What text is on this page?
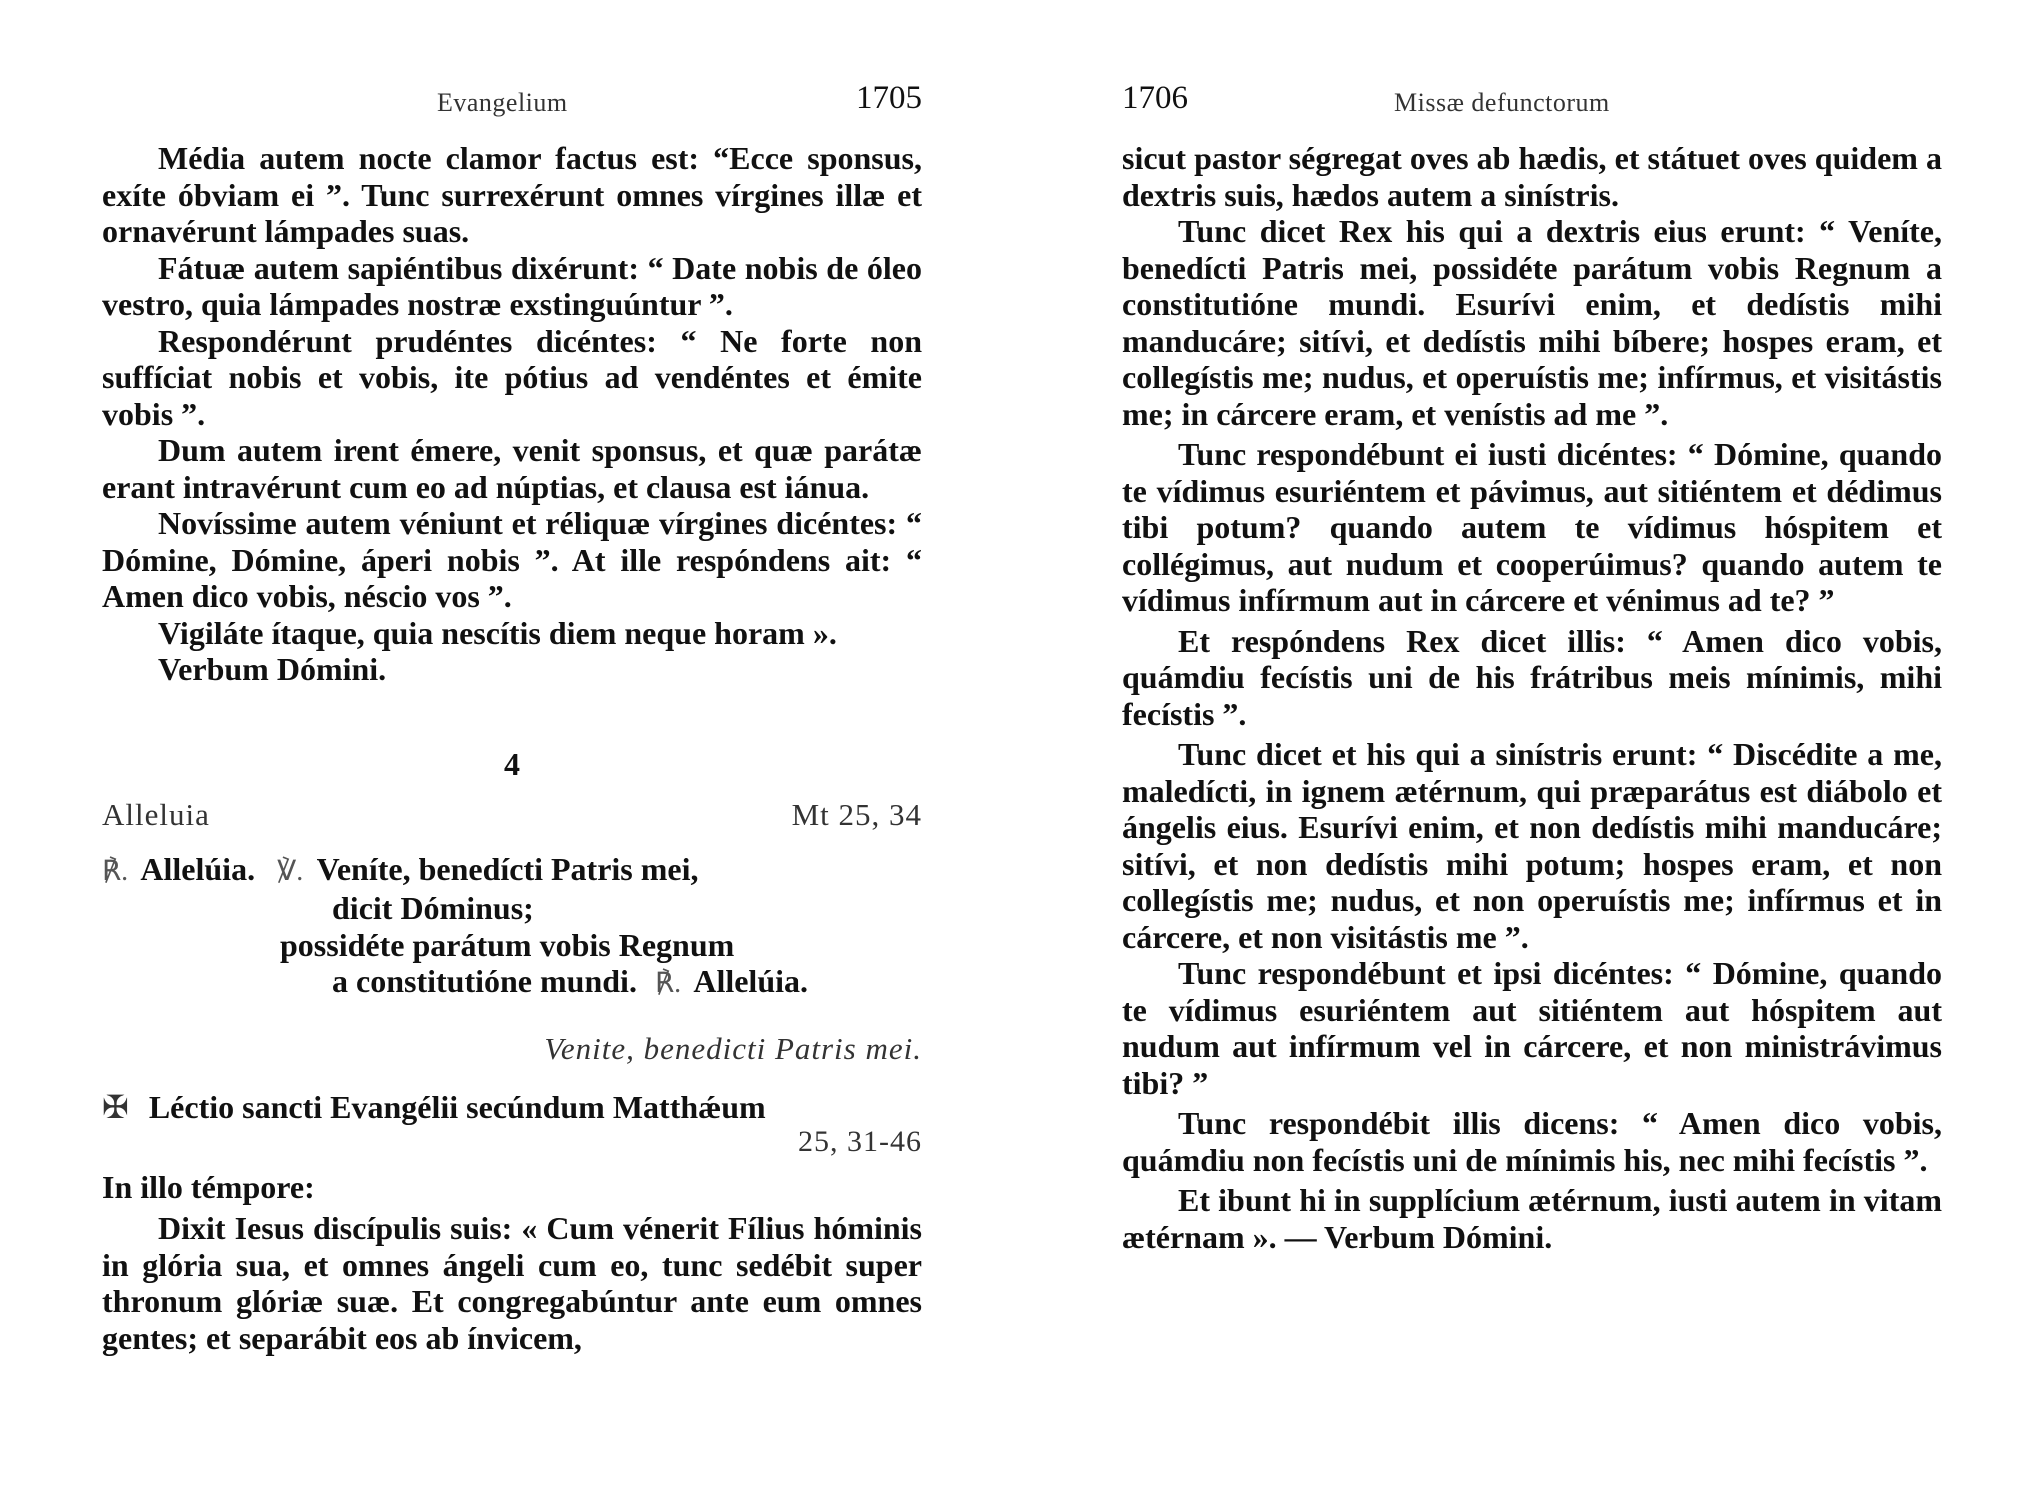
Evangelium	1705

Média autem nocte clamor factus est: “Ecce sponsus, exíte óbviam ei ”. Tunc surrexérunt omnes vírgines illæ et ornavérunt lámpades suas.

Fátuæ autem sapiéntibus dixérunt: “ Date nobis de óleo vestro, quia lámpades nostræ exstinguúntur ”.

Respondérunt prudéntes dicéntes: “ Ne forte non suffíciat nobis et vobis, ite pótius ad vendéntes et émite vobis ”.

Dum autem irent émere, venit sponsus, et quæ parátæ erant intravérunt cum eo ad núptias, et clausa est iánua.

Novíssime autem véniunt et réliquæ vírgines dicéntes: “ Dómine, Dómine, áperi nobis ”. At ille respóndens ait: “ Amen dico vobis, néscio vos ”.

Vigiláte ítaque, quia nescítis diem neque horam ».

Verbum Dómini.

4
Alleluia	Mt 25, 34
℟. Allelúia. ℣. Veníte, benedícti Patris mei,
dicit Dóminus;
possidéte parátum vobis Regnum
a constitutióne mundi. ℟. Allelúia.
Venite, benedicti Patris mei.
✠ Léctio sancti Evangélii secúndum Matthǽum
25, 31-46
In illo témpore:

Dixit Iesus discípulis suis: « Cum vénerit Fílius hóminis in glória sua, et omnes ángeli cum eo, tunc sedébit super thronum glóriæ suæ. Et congregabúntur ante eum omnes gentes; et separábit eos ab ínvicem,

1706	Missæ defunctorum

sicut pastor ségregat oves ab hædis, et státuet oves quidem a dextris suis, hædos autem a sinístris.

Tunc dicet Rex his qui a dextris eius erunt: “ Veníte, benedícti Patris mei, possidéte parátum vobis Regnum a constitutióne mundi. Esurívi enim, et dedístis mihi manducáre; sitívi, et dedístis mihi bíbere; hospes eram, et collegístis me; nudus, et operuístis me; infírmus, et visitástis me; in cárcere eram, et venístis ad me ”.

Tunc respondébunt ei iusti dicéntes: “ Dómine, quando te vídimus esuriéntem et pávimus, aut sitiéntem et dédimus tibi potum? quando autem te vídimus hóspitem et collégimus, aut nudum et cooperúimus? quando autem te vídimus infírmum aut in cárcere et vénimus ad te? ”

Et respóndens Rex dicet illis: “ Amen dico vobis, quámdiu fecístis uni de his frátribus meis mínimis, mihi fecístis ”.

Tunc dicet et his qui a sinístris erunt: “ Discédite a me, maledícti, in ignem ætérnum, qui præparátus est diábolo et ángelis eius. Esurívi enim, et non dedístis mihi manducáre; sitívi, et non dedístis mihi potum; hospes eram, et non collegístis me; nudus, et non operuístis me; infírmus et in cárcere, et non visitástis me ”.

Tunc respondébunt et ipsi dicéntes: “ Dómine, quando te vídimus esuriéntem aut sitiéntem aut hóspitem aut nudum aut infírmum vel in cárcere, et non ministrávimus tibi? ”

Tunc respondébit illis dicens: “ Amen dico vobis, quámdiu non fecístis uni de mínimis his, nec mihi fecístis ”.

Et ibunt hi in supplícium ætérnum, iusti autem in vitam ætérnam ». — Verbum Dómini.
